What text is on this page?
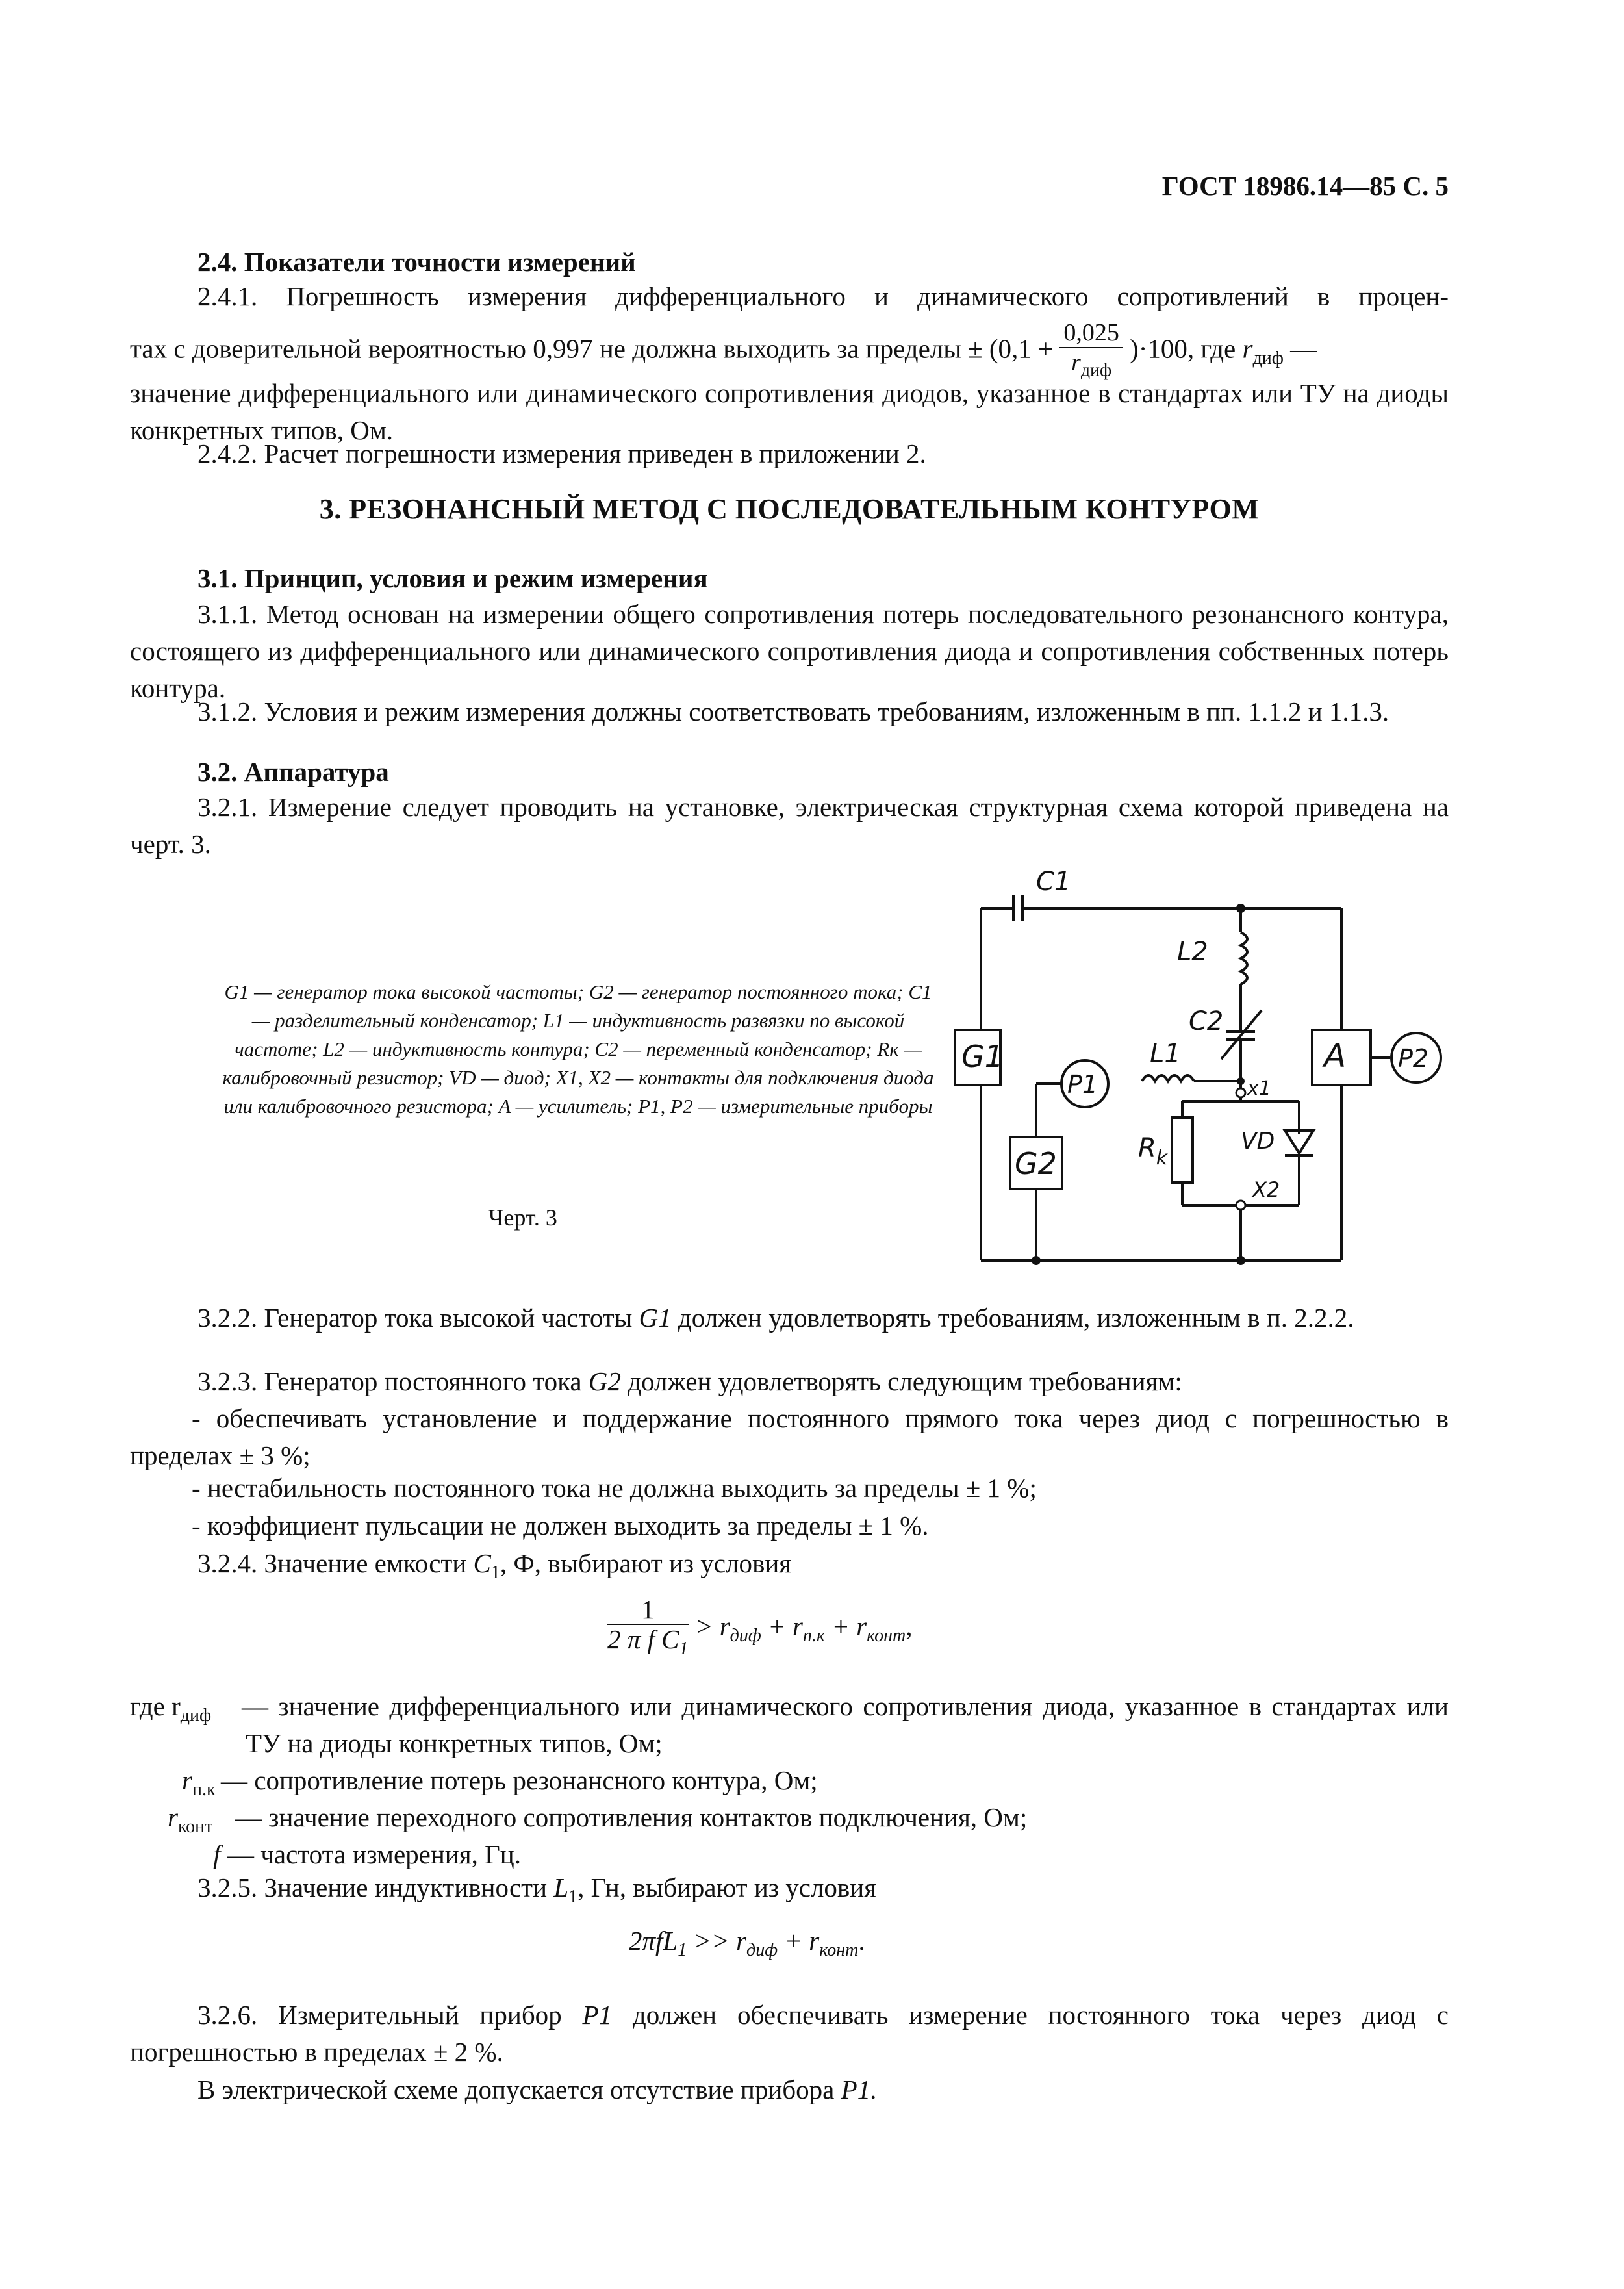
ГОСТ 18986.14—85 С. 5
2.4. Показатели точности измерений
2.4.1. Погрешность измерения дифференциального и динамического сопротивлений в процен-
тах с доверительной вероятностью 0,997 не должна выходить за пределы ± $(0,1 + \frac{0,025}{r_{диф}} )\cdot 100$, где $r_{диф}$ —
значение дифференциального или динамического сопротивления диодов, указанное в стандартах или ТУ на диоды конкретных типов, Ом.
2.4.2. Расчет погрешности измерения приведен в приложении 2.
3. РЕЗОНАНСНЫЙ МЕТОД С ПОСЛЕДОВАТЕЛЬНЫМ КОНТУРОМ
3.1. Принцип, условия и режим измерения
3.1.1. Метод основан на измерении общего сопротивления потерь последовательного резонансного контура, состоящего из дифференциального или динамического сопротивления диода и сопротивления собственных потерь контура.
3.1.2. Условия и режим измерения должны соответствовать требованиям, изложенным в пп. 1.1.2 и 1.1.3.
3.2. Аппаратура
3.2.1. Измерение следует проводить на установке, электрическая структурная схема которой приведена на черт. 3.
G1 — генератор тока высокой частоты; G2 — генератор постоянного тока; C1 — разделительный конденсатор; L1 — индуктивность развязки по высокой частоте; L2 — индуктивность контура; C2 — переменный конденсатор; Rк — калибровочный резистор; VD — диод; X1, X2 — контакты для подключения диода или калибровочного резистора; A — усилитель; P1, P2 — измерительные приборы
Черт. 3
C1
L2
C2
L1
G1
G2
A
P1
P2
$R_k$
VD
x1
X2
3.2.2. Генератор тока высокой частоты G1 должен удовлетворять требованиям, изложенным в п. 2.2.2.
3.2.3. Генератор постоянного тока G2 должен удовлетворять следующим требованиям:
- обеспечивать установление и поддержание постоянного прямого тока через диод с погрешностью в пределах ± 3 %;
- нестабильность постоянного тока не должна выходить за пределы ± 1 %;
- коэффициент пульсации не должен выходить за пределы ± 1 %.
3.2.4. Значение емкости $C_1$, Ф, выбирают из условия
$\frac{1}{2 \pi f C_1} > r_{диф} + r_{п.к} + r_{конт}$,
где $r_{диф}$ — значение дифференциального или динамического сопротивления диода, указанное в стандартах или ТУ на диоды конкретных типов, Ом;
$r_{п.к}$ — сопротивление потерь резонансного контура, Ом;
$r_{конт}$ — значение переходного сопротивления контактов подключения, Ом;
f — частота измерения, Гц.
3.2.5. Значение индуктивности $L_1$, Гн, выбирают из условия
$2\pi fL_1 >> r_{диф} + r_{конт}$.
3.2.6. Измерительный прибор P1 должен обеспечивать измерение постоянного тока через диод с погрешностью в пределах ± 2 %.
В электрической схеме допускается отсутствие прибора P1.
